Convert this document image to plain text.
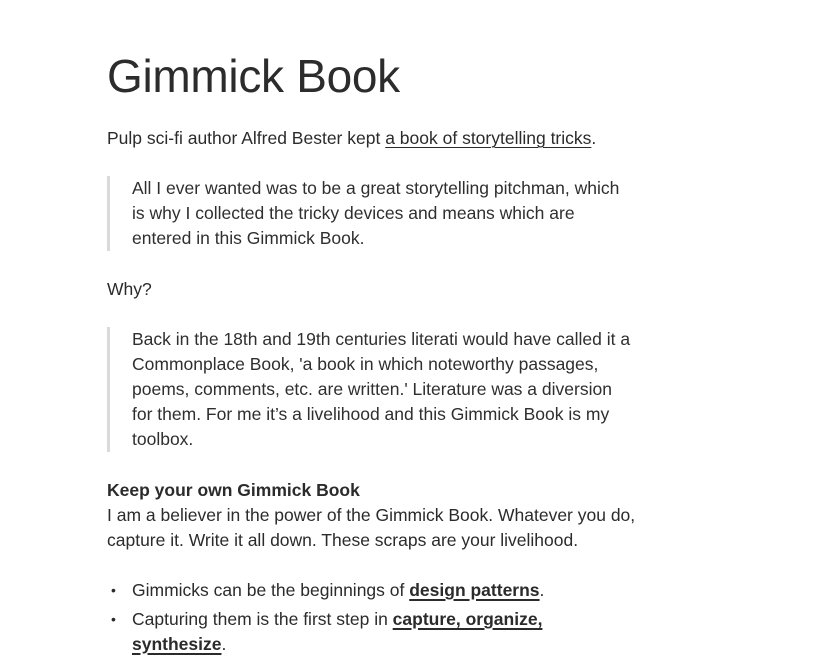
Gimmick Book

Pulp sci-fi author Alfred Bester kept a book of storytelling tricks.

All I ever wanted was to be a great storytelling pitchman, which
is why I collected the tricky devices and means which are
entered in this Gimmick Book.

Why?

Back in the 18th and 19th centuries literati would have called it a
Commonplace Book, 'a book in which noteworthy passages,
poems, comments, etc. are written.' Literature was a diversion
for them. For me it’s a livelihood and this Gimmick Book is my
toolbox.
Keep your own Gimmick Book
I am a believer in the power of the Gimmick Book. Whatever you do,
capture it. Write it all down. These scraps are your livelihood.
• Gimmicks can be the beginnings of design patterns.
• Capturing them is the first step in capture, organize,
synthesize.
